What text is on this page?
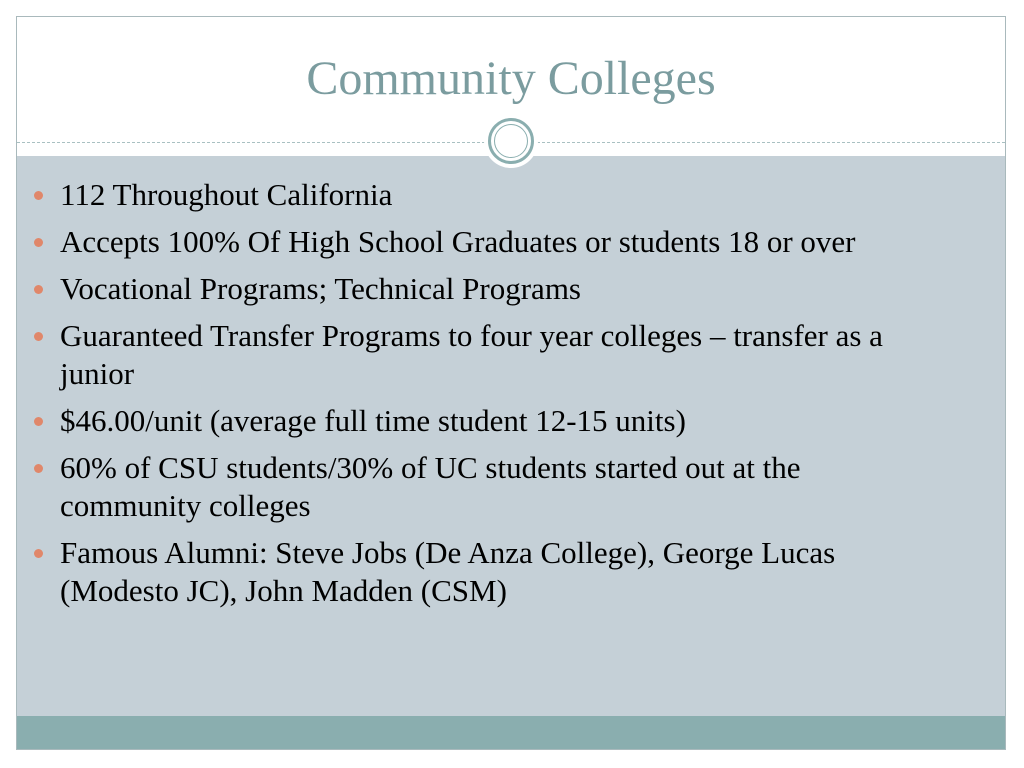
Community Colleges
112 Throughout California
Accepts 100% Of High School Graduates or students 18 or over
Vocational Programs; Technical Programs
Guaranteed Transfer Programs to four year colleges – transfer as a junior
$46.00/unit (average full time student 12-15 units)
60% of CSU students/30% of UC students started out at the community colleges
Famous Alumni: Steve Jobs (De Anza College), George Lucas (Modesto JC), John Madden (CSM)
